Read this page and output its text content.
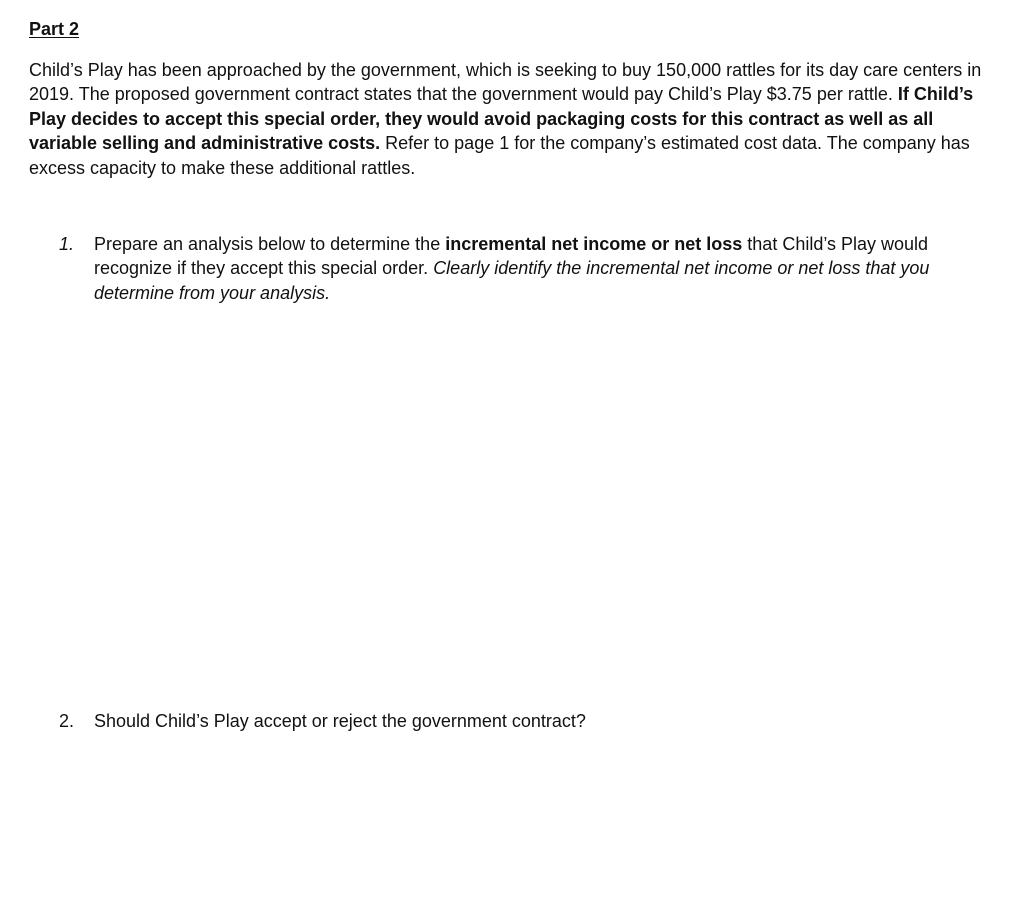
Part 2

Child’s Play has been approached by the government, which is seeking to buy 150,000 rattles for its day care centers in 2019. The proposed government contract states that the government would pay Child’s Play $3.75 per rattle. If Child’s Play decides to accept this special order, they would avoid packaging costs for this contract as well as all variable selling and administrative costs. Refer to page 1 for the company’s estimated cost data. The company has excess capacity to make these additional rattles.

1.	Prepare an analysis below to determine the incremental net income or net loss that Child’s Play would recognize if they accept this special order. Clearly identify the incremental net income or net loss that you determine from your analysis.
2.	Should Child’s Play accept or reject the government contract?
